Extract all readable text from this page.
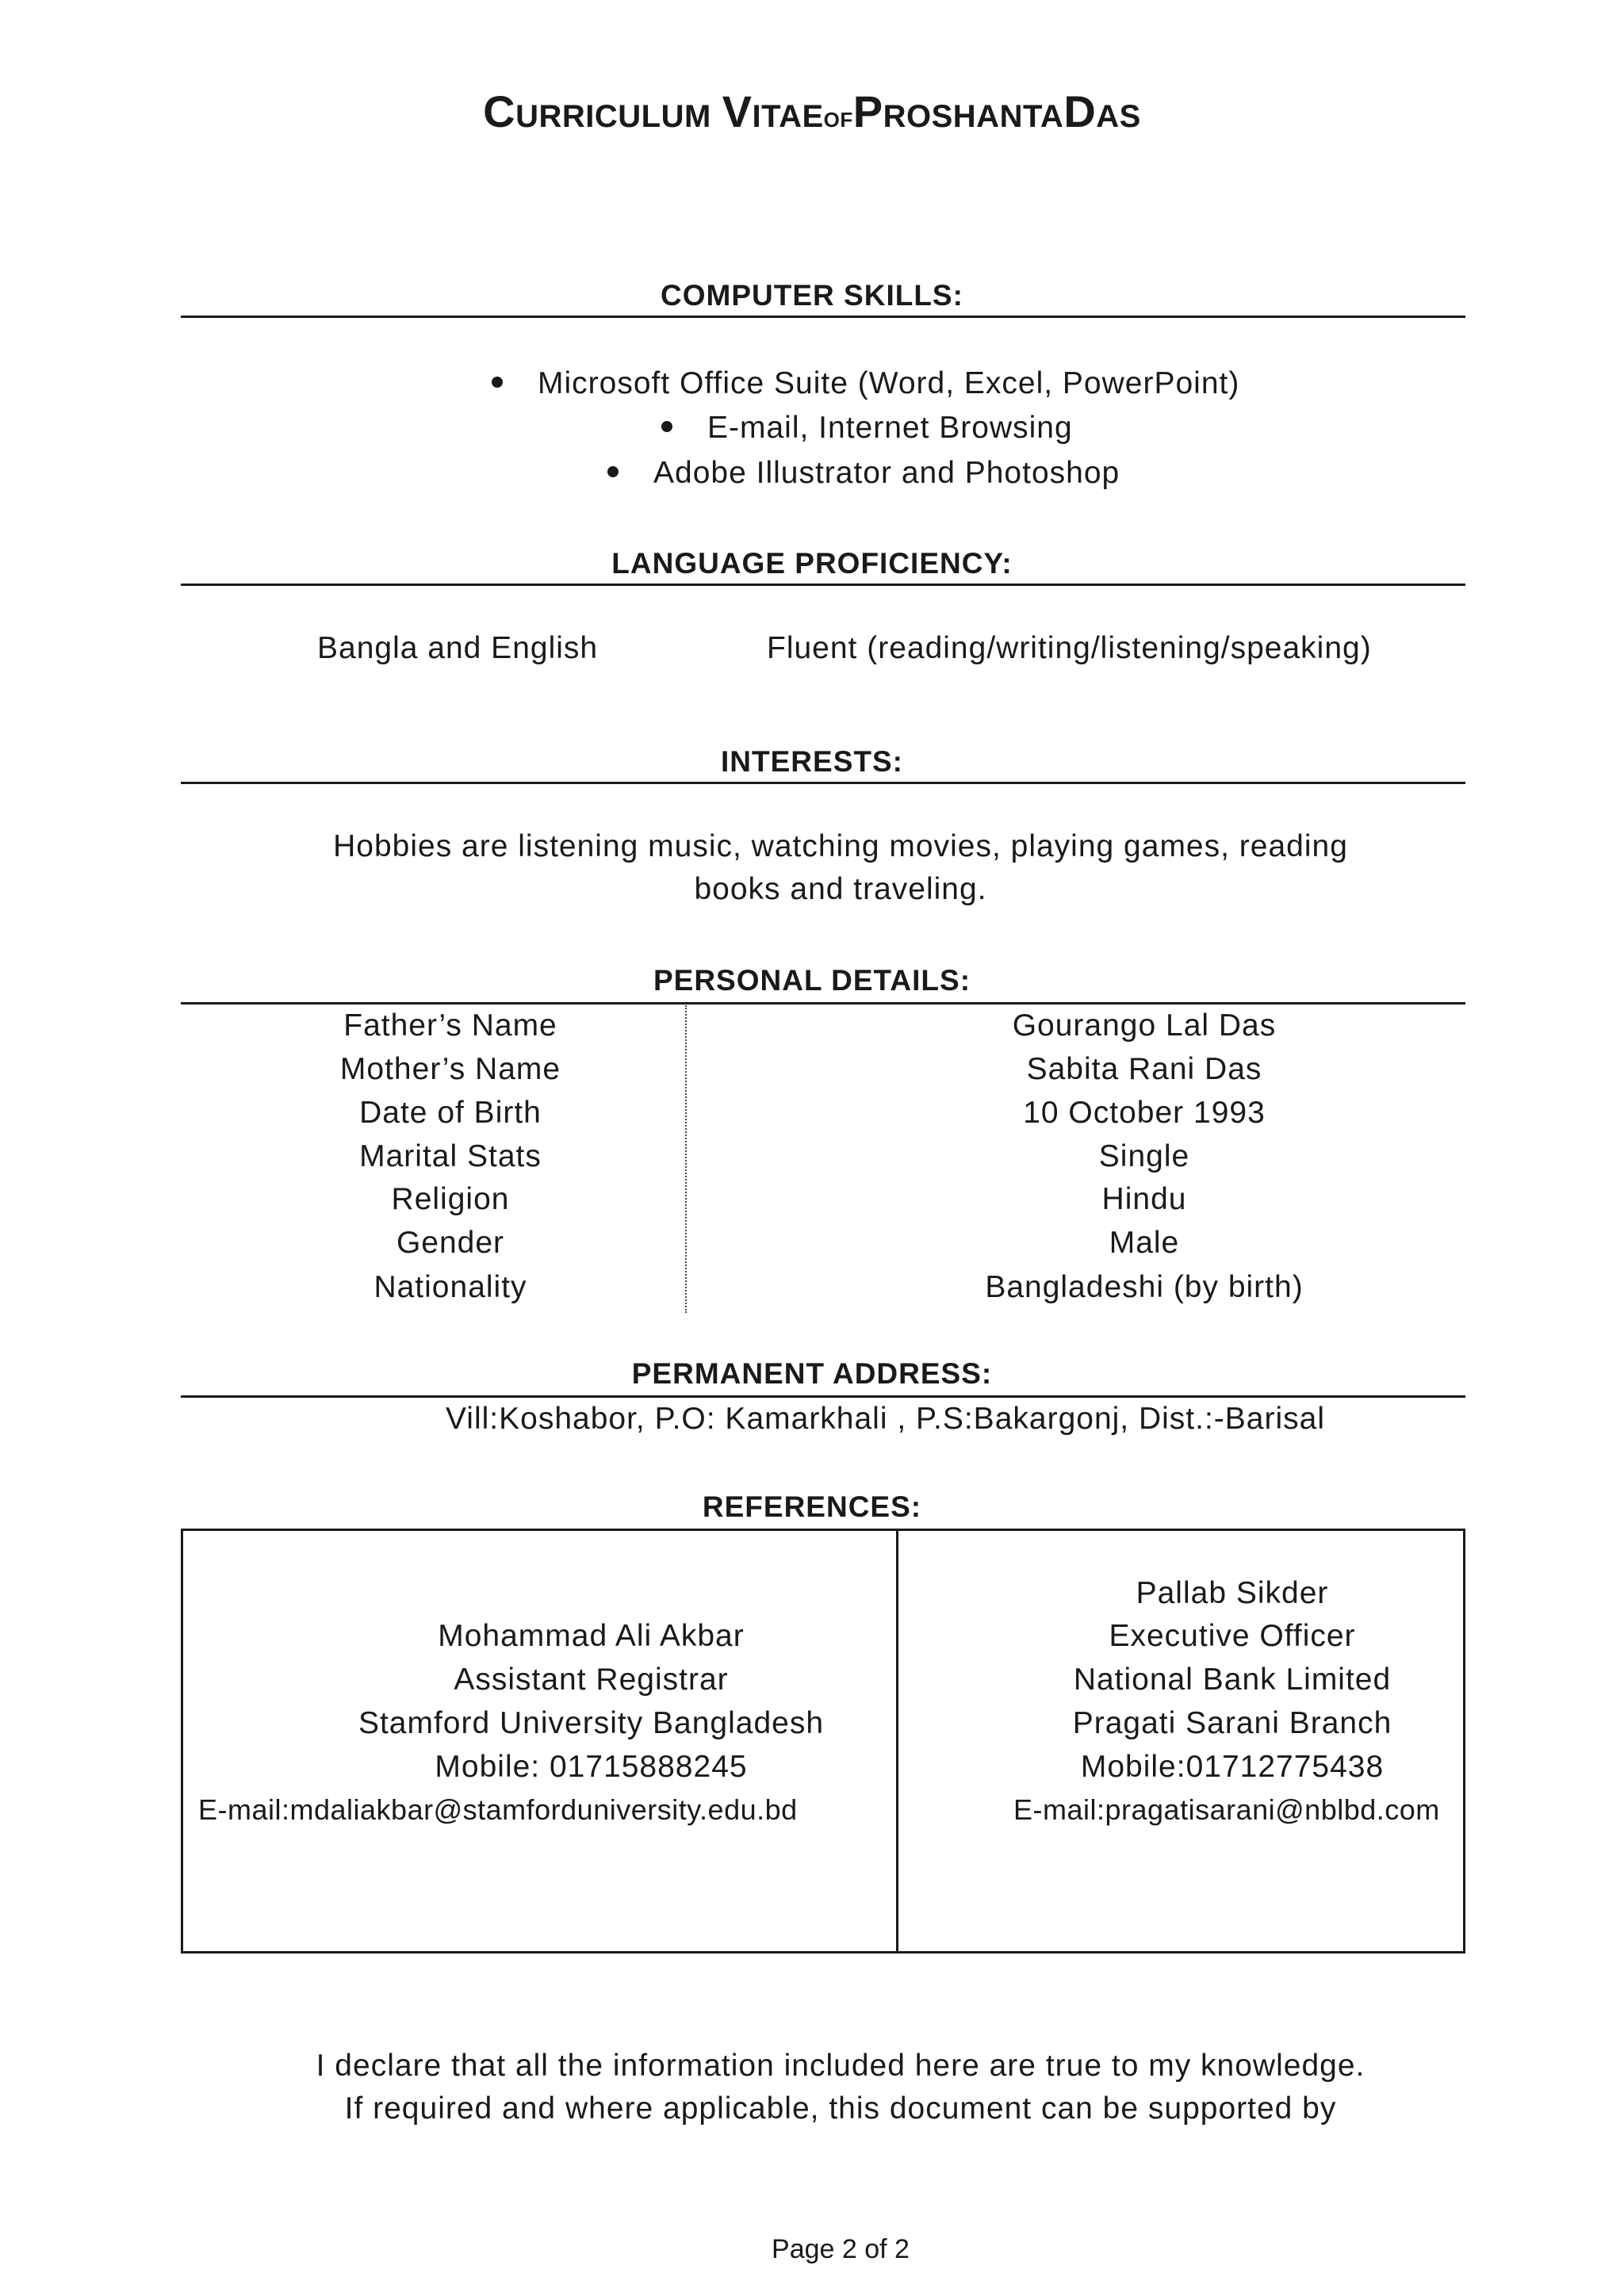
CURRICULUM VITAEOFPROSHANTADAS
COMPUTER SKILLS:
Microsoft Office Suite (Word, Excel, PowerPoint)
E-mail, Internet Browsing
Adobe Illustrator and Photoshop
LANGUAGE PROFICIENCY:
Bangla and English	Fluent (reading/writing/listening/speaking)
INTERESTS:
Hobbies are listening music, watching movies, playing games, reading
books and traveling.
PERSONAL DETAILS:
Father’s Name	Gourango Lal Das
Mother’s Name	Sabita Rani Das
Date of Birth	10 October 1993
Marital Stats	Single
Religion	Hindu
Gender	Male
Nationality	Bangladeshi (by birth)
PERMANENT ADDRESS:
Vill:Koshabor, P.O: Kamarkhali , P.S:Bakargonj, Dist.:-Barisal
REFERENCES:
Mohammad Ali Akbar
Assistant Registrar
Stamford University Bangladesh
Mobile: 01715888245
E-mail:mdaliakbar@stamforduniversity.edu.bd
Pallab Sikder
Executive Officer
National Bank Limited
Pragati Sarani Branch
Mobile:01712775438
E-mail:pragatisarani@nblbd.com
I declare that all the information included here are true to my knowledge.
If required and where applicable, this document can be supported by
Page 2 of 2
